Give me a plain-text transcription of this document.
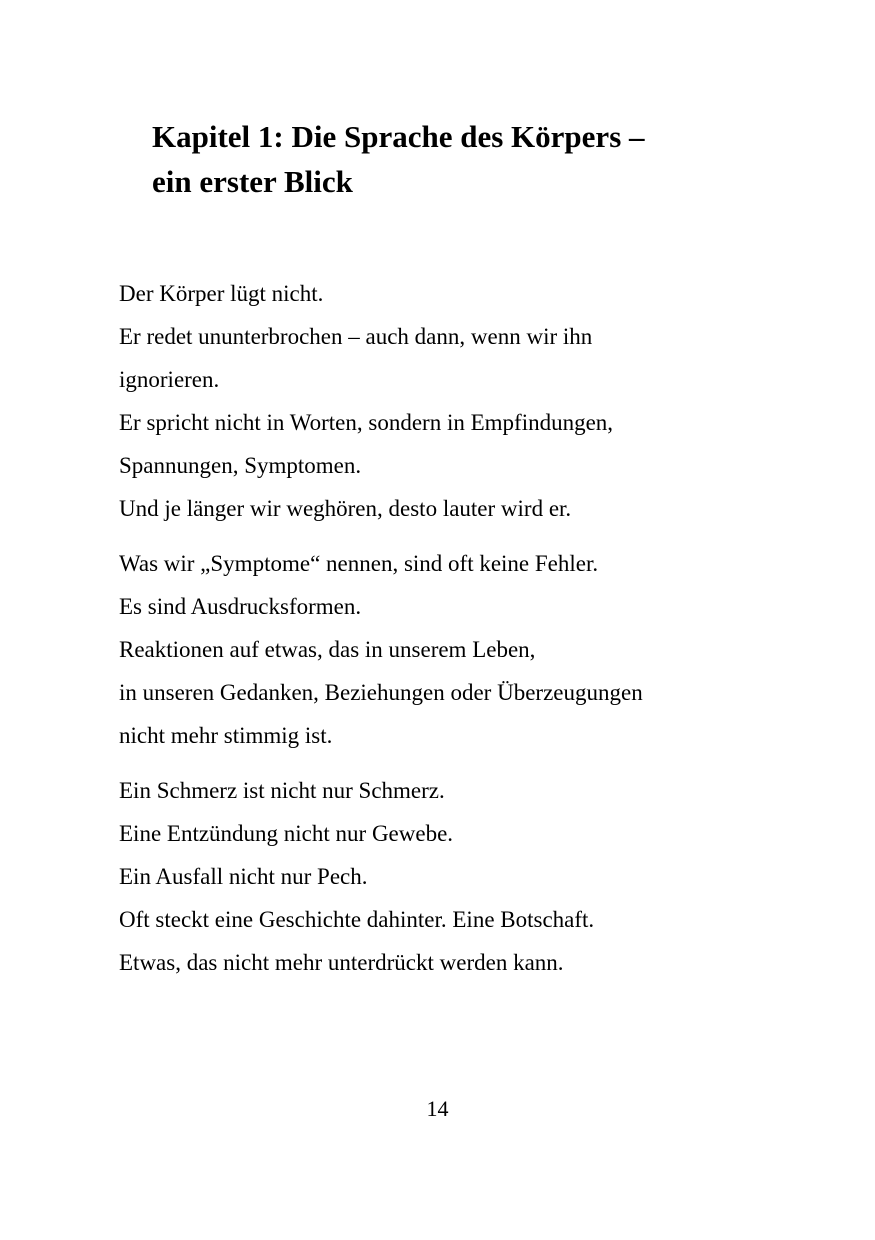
Kapitel 1: Die Sprache des Körpers –
ein erster Blick

Der Körper lügt nicht.
Er redet ununterbrochen – auch dann, wenn wir ihn
ignorieren.
Er spricht nicht in Worten, sondern in Empfindungen,
Spannungen, Symptomen.
Und je länger wir weghören, desto lauter wird er.

Was wir „Symptome“ nennen, sind oft keine Fehler.
Es sind Ausdrucksformen.
Reaktionen auf etwas, das in unserem Leben,
in unseren Gedanken, Beziehungen oder Überzeugungen
nicht mehr stimmig ist.

Ein Schmerz ist nicht nur Schmerz.
Eine Entzündung nicht nur Gewebe.
Ein Ausfall nicht nur Pech.
Oft steckt eine Geschichte dahinter. Eine Botschaft.
Etwas, das nicht mehr unterdrückt werden kann.

14
